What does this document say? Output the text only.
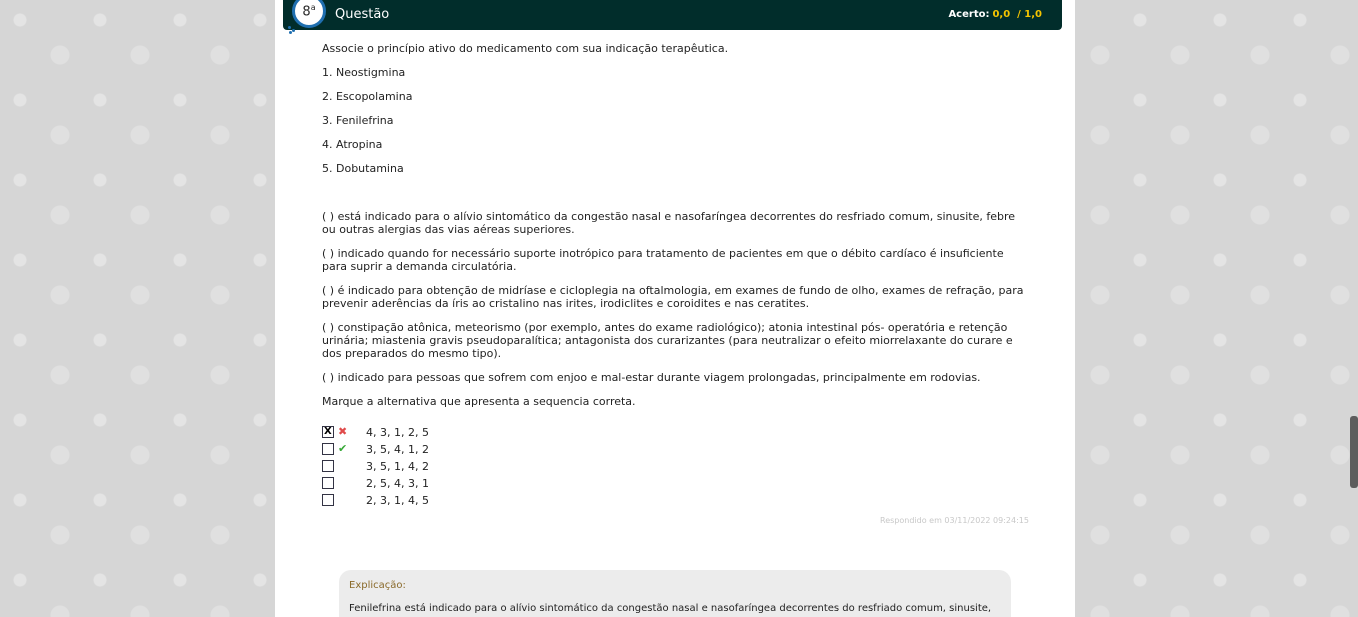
8$^a$ Questão	Acerto: 0,0  / 1,0

Associe o princípio ativo do medicamento com sua indicação terapêutica.

1. Neostigmina

2. Escopolamina

3. Fenilefrina

4. Atropina

5. Dobutamina

( ) está indicado para o alívio sintomático da congestão nasal e nasofaríngea decorrentes do resfriado comum, sinusite, febre ou outras alergias das vias aéreas superiores.

( ) indicado quando for necessário suporte inotrópico para tratamento de pacientes em que o débito cardíaco é insuficiente para suprir a demanda circulatória.

( ) é indicado para obtenção de midríase e cicloplegia na oftalmologia, em exames de fundo de olho, exames de refração, para prevenir aderências da íris ao cristalino nas irites, irodiclites e coroidites e nas ceratites.

( ) constipação atônica, meteorismo (por exemplo, antes do exame radiológico); atonia intestinal pós- operatória e retenção urinária; miastenia gravis pseudoparalítica; antagonista dos curarizantes (para neutralizar o efeito miorrelaxante do curare e dos preparados do mesmo tipo).

( ) indicado para pessoas que sofrem com enjoo e mal-estar durante viagem prolongadas, principalmente em rodovias.

Marque a alternativa que apresenta a sequencia correta.

X
✖ 4, 3, 1, 2, 5
✔ 3, 5, 4, 1, 2
3, 5, 1, 4, 2
2, 5, 4, 3, 1
2, 3, 1, 4, 5
Respondido em 03/11/2022 09:24:15
Explicação:
Fenilefrina está indicado para o alívio sintomático da congestão nasal e nasofaríngea decorrentes do resfriado comum, sinusite,
